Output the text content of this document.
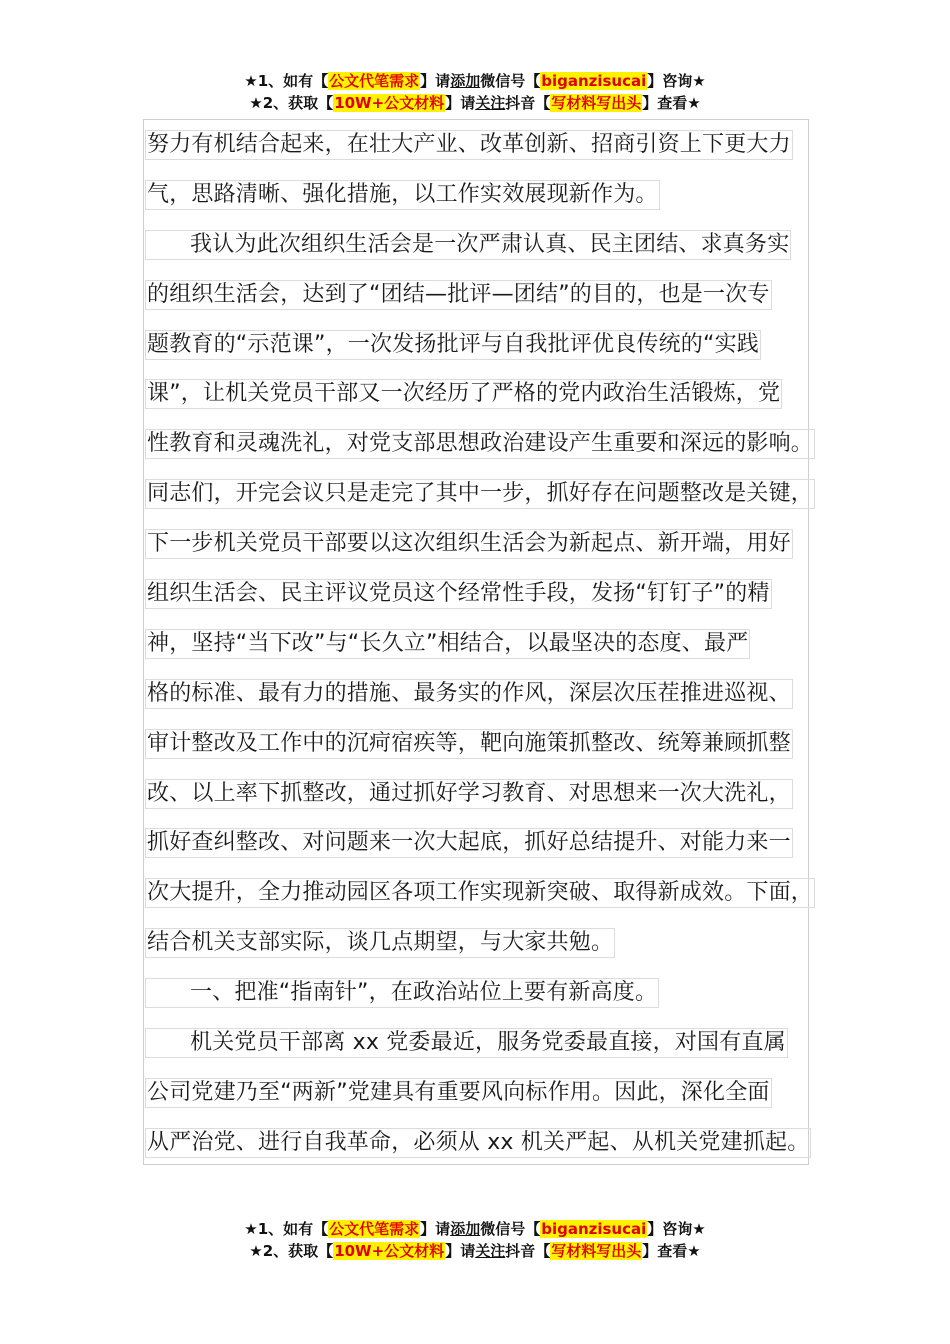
★1、如有【公文代笔需求】请添加微信号【biganzisucai】咨询★
★2、获取【10W+公文材料】请关注抖音【写材料写出头】查看★
努力有机结合起来，在壮大产业、改革创新、招商引资上下更大力
气，思路清晰、强化措施，以工作实效展现新作为。
我认为此次组织生活会是一次严肃认真、民主团结、求真务实
的组织生活会，达到了“团结—批评—团结”的目的，也是一次专
题教育的“示范课”，一次发扬批评与自我批评优良传统的“实践
课”，让机关党员干部又一次经历了严格的党内政治生活锻炼，党
性教育和灵魂洗礼，对党支部思想政治建设产生重要和深远的影响。
同志们，开完会议只是走完了其中一步，抓好存在问题整改是关键，
下一步机关党员干部要以这次组织生活会为新起点、新开端，用好
组织生活会、民主评议党员这个经常性手段，发扬“钉钉子”的精
神，坚持“当下改”与“长久立”相结合，以最坚决的态度、最严
格的标准、最有力的措施、最务实的作风，深层次压茬推进巡视、
审计整改及工作中的沉疴宿疾等，靶向施策抓整改、统筹兼顾抓整
改、以上率下抓整改，通过抓好学习教育、对思想来一次大洗礼，
抓好查纠整改、对问题来一次大起底，抓好总结提升、对能力来一
次大提升，全力推动园区各项工作实现新突破、取得新成效。下面，
结合机关支部实际，谈几点期望，与大家共勉。
一、把准“指南针”，在政治站位上要有新高度。
机关党员干部离 xx 党委最近，服务党委最直接，对国有直属
公司党建乃至“两新”党建具有重要风向标作用。因此，深化全面
从严治党、进行自我革命，必须从 xx 机关严起、从机关党建抓起。
★1、如有【公文代笔需求】请添加微信号【biganzisucai】咨询★
★2、获取【10W+公文材料】请关注抖音【写材料写出头】查看★
